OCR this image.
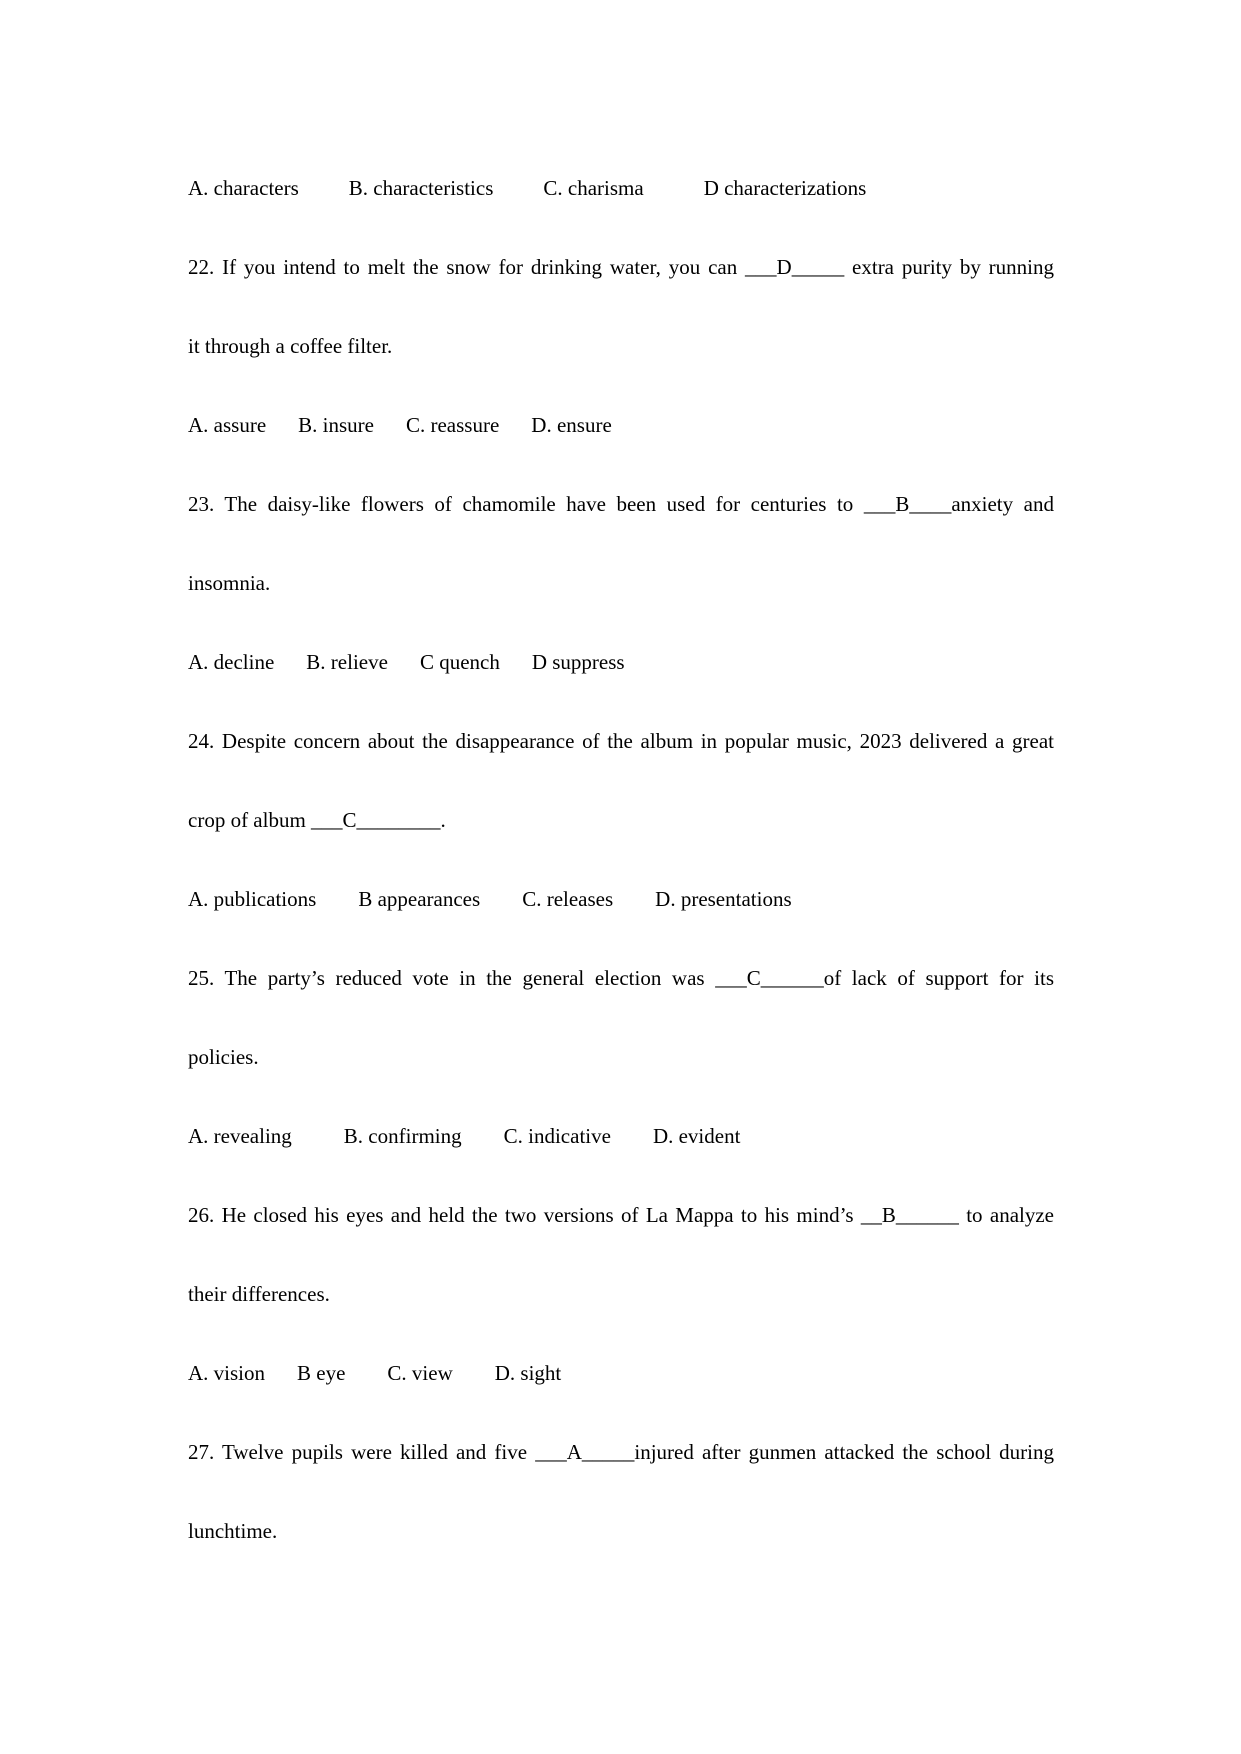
A. characters B. characteristics C. charisma	D characterizations
22. If you intend to melt the snow for drinking water, you can ___D_____ extra purity by running
it through a coffee filter.
A. assure B. insure C. reassure D. ensure
23. The daisy-like flowers of chamomile have been used for centuries to ___B____anxiety and
insomnia.
A. decline B. relieve C quench D suppress
24. Despite concern about the disappearance of the album in popular music, 2023 delivered a great
crop of album ___C________.
A. publications B appearances C. releases D. presentations
25. The party’s reduced vote in the general election was ___C______of lack of support for its
policies.
A. revealing B. confirming C. indicative D. evident
26. He closed his eyes and held the two versions of La Mappa to his mind’s __B______ to analyze
their differences.
A. vision B eye C. view D. sight
27. Twelve pupils were killed and five ___A_____injured after gunmen attacked the school during
lunchtime.
